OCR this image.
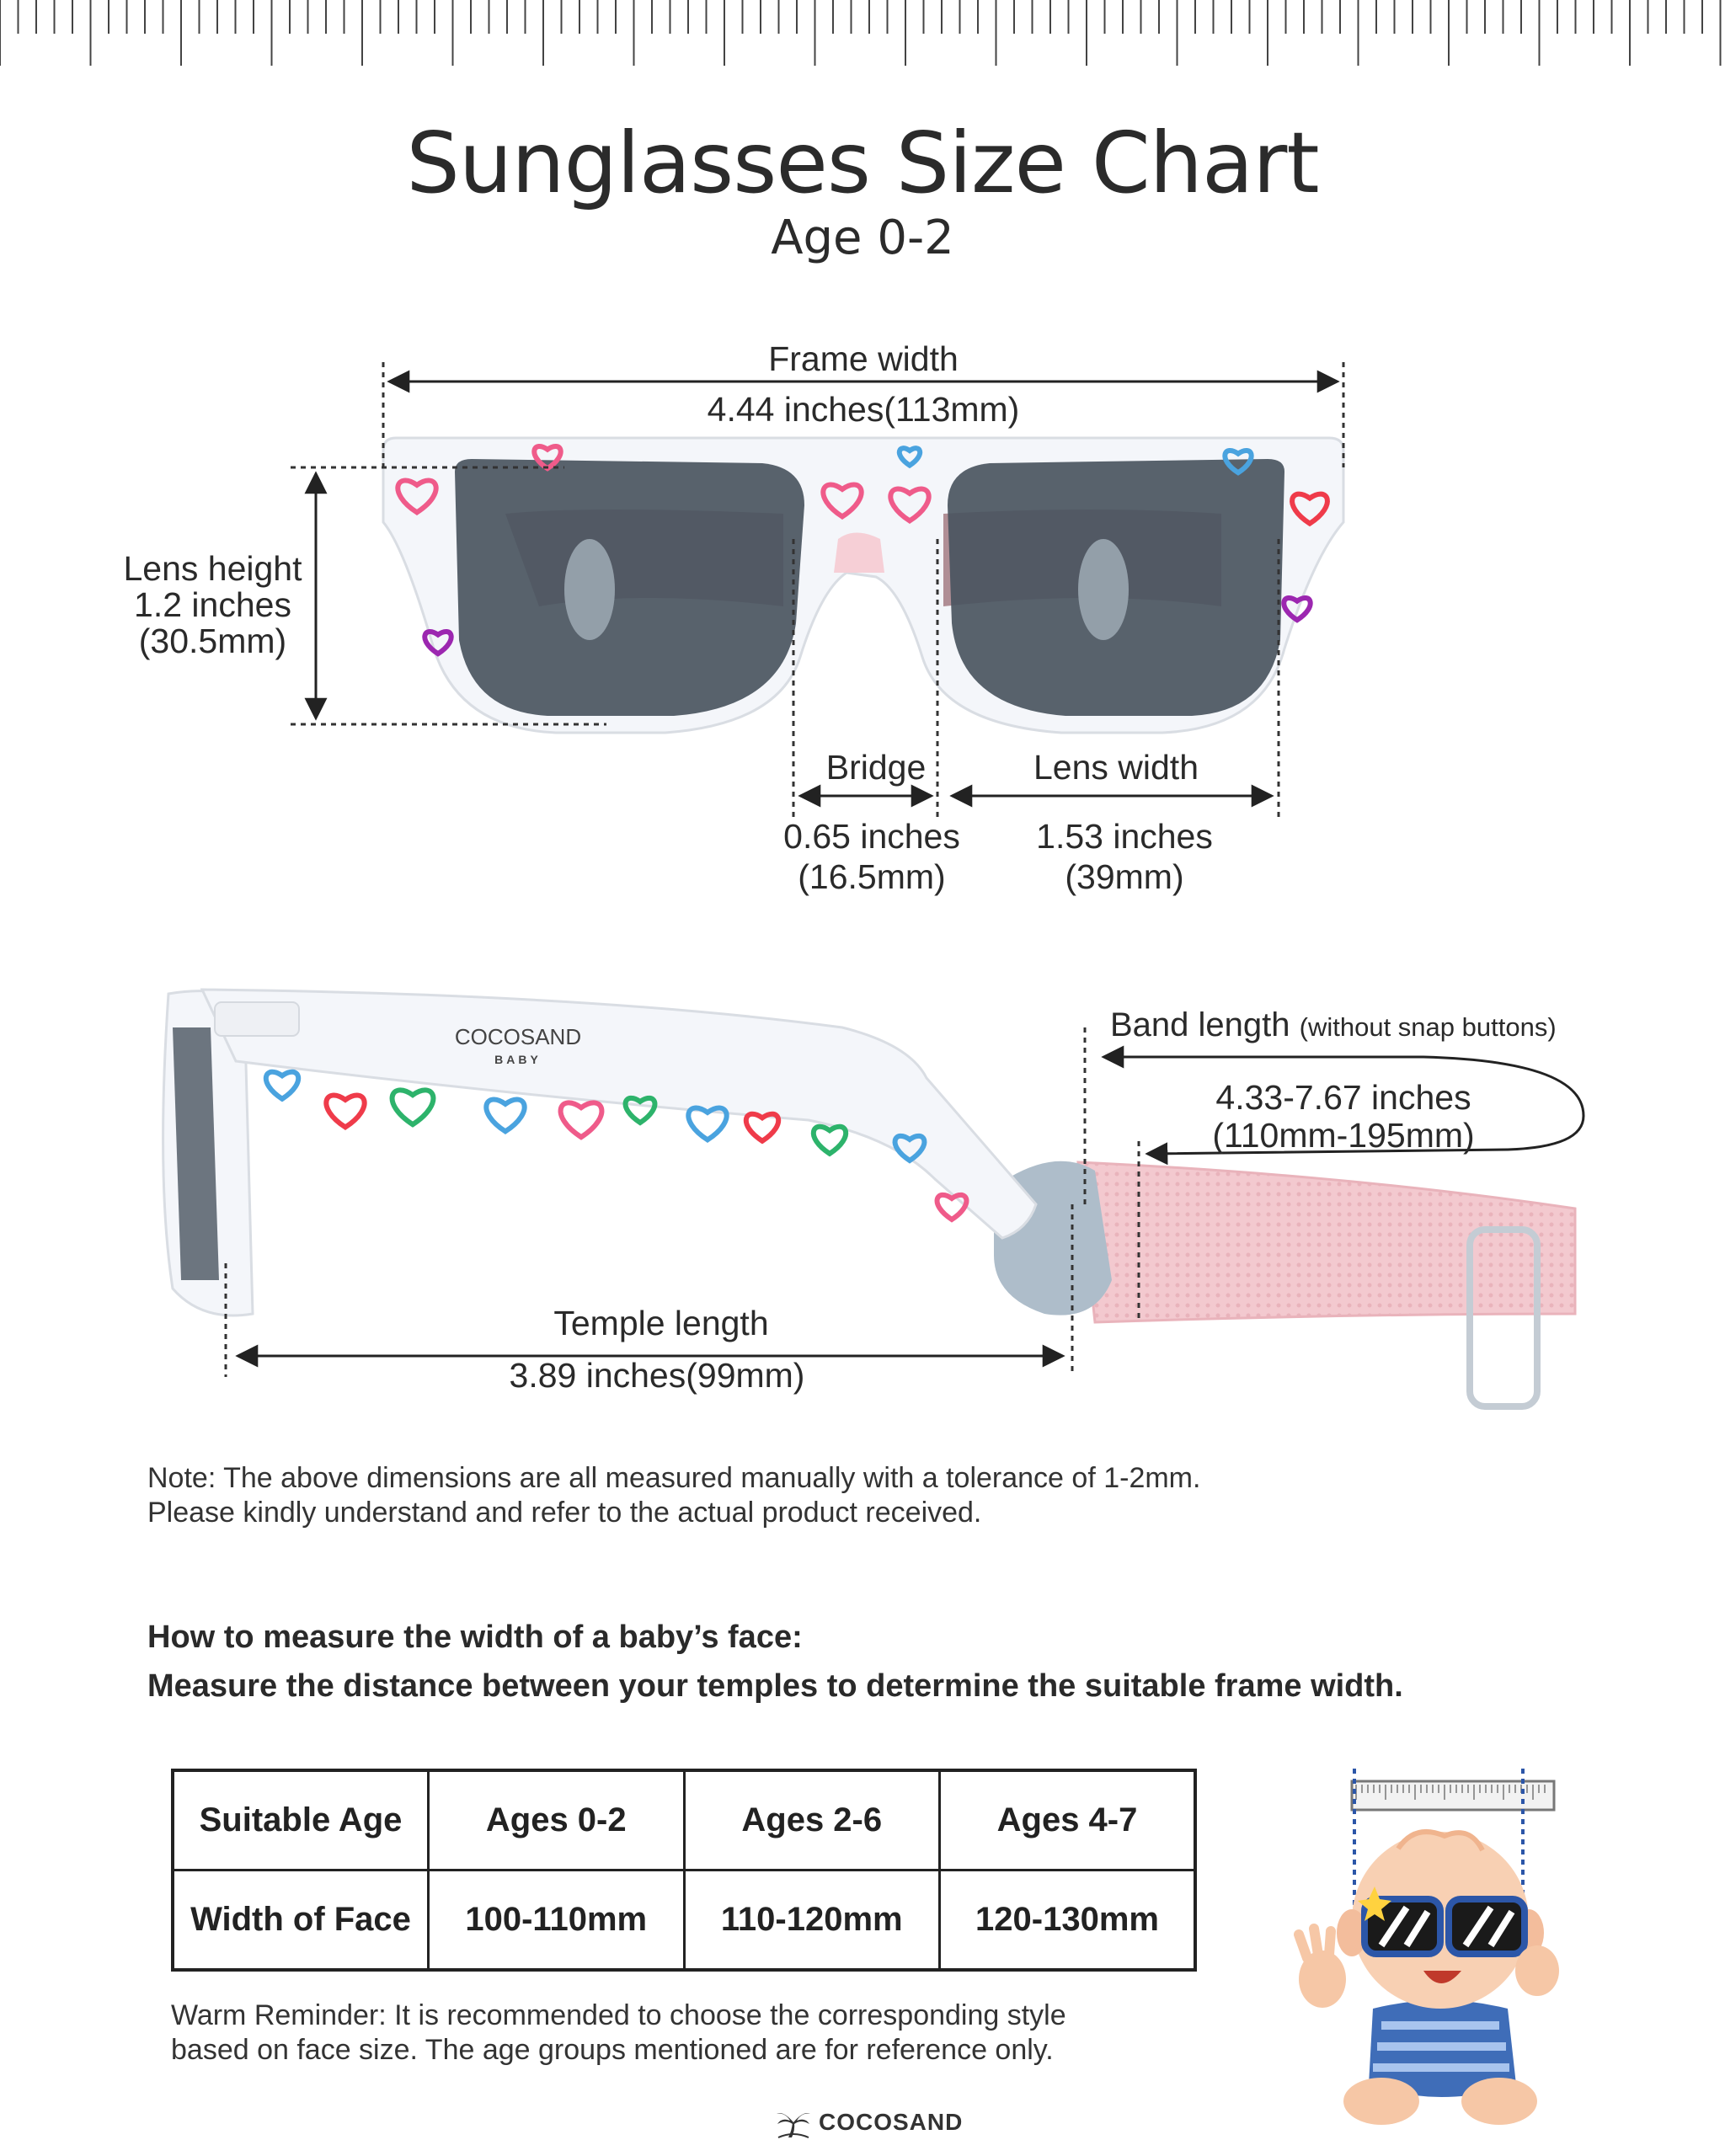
Sunglasses Size Chart
Age 0-2
Frame width
4.44 inches(113mm)
Lens height
1.2 inches
(30.5mm)
Bridge
0.65 inches
(16.5mm)
Lens width
1.53 inches
(39mm)
COCOSAND
BABY
Band length (without snap buttons)
4.33-7.67 inches
(110mm-195mm)
Temple length
3.89 inches(99mm)
Note: The above dimensions are all measured manually with a tolerance of 1-2mm.
Please kindly understand and refer to the actual product received.
How to measure the width of a baby’s face:
Measure the distance between your temples to determine the suitable frame width.
Suitable Age	Ages 0-2	Ages 2-6	Ages 4-7
Width of Face	100-110mm	110-120mm	120-130mm
Warm Reminder: It is recommended to choose the corresponding style
based on face size. The age groups mentioned are for reference only.
COCOSAND
